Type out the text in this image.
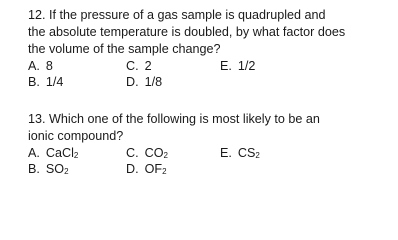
12. If the pressure of a gas sample is quadrupled and
the absolute temperature is doubled, by what factor does
the volume of the sample change?

A. 8	C. 2	E. 1/2
B. 1/4	D. 1/8

13. Which one of the following is most likely to be an
ionic compound?

A. CaCl$_2$	C. $CO_2$	E. $CS_2$
B. $SO_2$	D. $OF_2$
